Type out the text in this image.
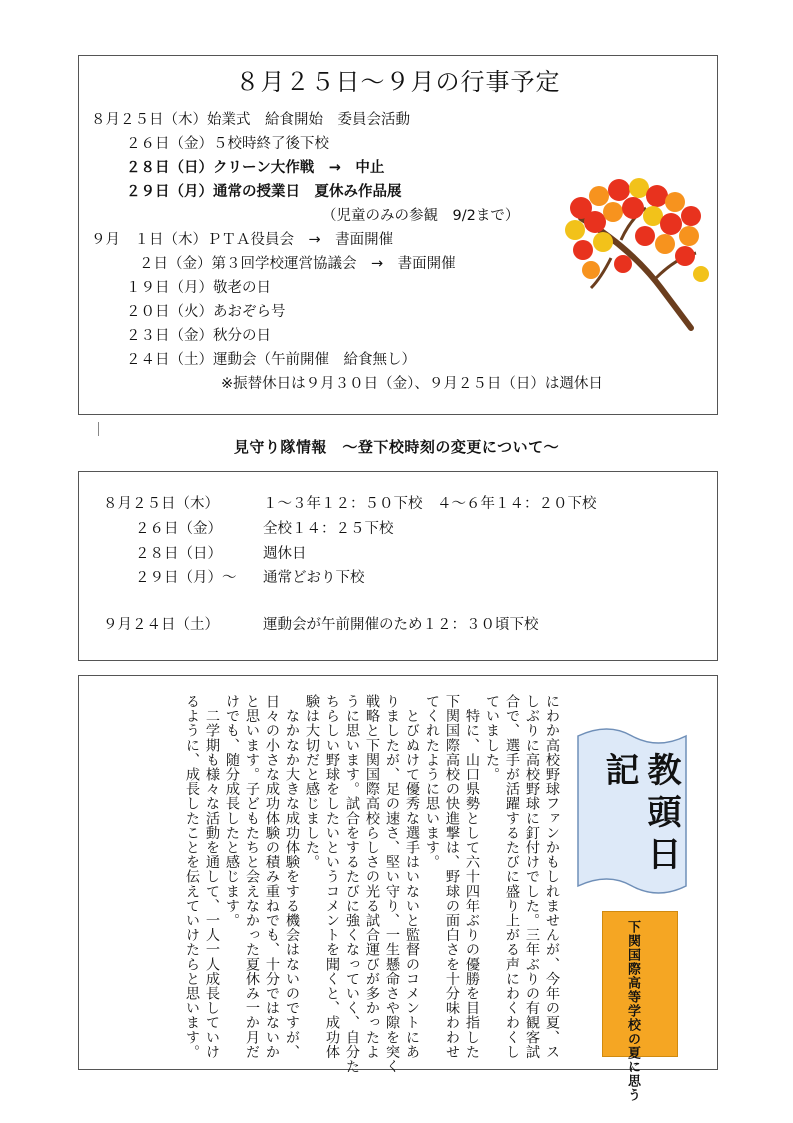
８月２５日～９月の行事予定
８月２５日（木）始業式　給食開始　委員会活動
２６日（金）５校時終了後下校
２８日（日）クリーン大作戦　→　中止
２９日（月）通常の授業日　夏休み作品展
（児童のみの参観　9/2まで）
９月　１日（木）ＰＴＡ役員会　→　書面開催
２日（金）第３回学校運営協議会　→　書面開催
１９日（月）敬老の日
２０日（火）あおぞら号
２３日（金）秋分の日
２４日（土）運動会（午前開催　給食無し）
※振替休日は９月３０日（金）、９月２５日（日）は週休日
見守り隊情報　～登下校時刻の変更について～
８月２５日（木）	１～３年１２：５０下校　４～６年１４：２０下校
２６日（金）	全校１４：２５下校
２８日（日）	週休日
２９日（月）～ 通常どおり下校
９月２４日（土）	運動会が午前開催のため１２：３０頃下校
にわか高校野球ファンかもしれませんが、今年の夏、ス
しぶりに高校野球に釘付けでした。三年ぶりの有観客試
合で、選手が活躍するたびに盛り上がる声にわくわくし
ていました。
　特に、山口県勢として六十四年ぶりの優勝を目指した
下関国際高校の快進撃は、野球の面白さを十分味わわせ
てくれたように思います。
　とびぬけて優秀な選手はいないと監督のコメントにあ
りましたが、足の速さ、堅い守り、一生懸命さや隙を突く
戦略と下関国際高校らしさの光る試合運びが多かったよ
うに思います。試合をするたびに強くなっていく、自分た
ちらしい野球をしたいというコメントを聞くと、成功体
験は大切だと感じました。
　なかなか大きな成功体験をする機会はないのですが、
日々の小さな成功体験の積み重ねでも、十分ではないか
と思います。子どもたちと会えなかった夏休み一か月だ
けでも、随分成長したと感じます。
　二学期も様々な活動を通して、一人一人成長していけ
るように、成長したことを伝えていけたらと思います。	教頭日記
下関国際高等学校の夏に思う
